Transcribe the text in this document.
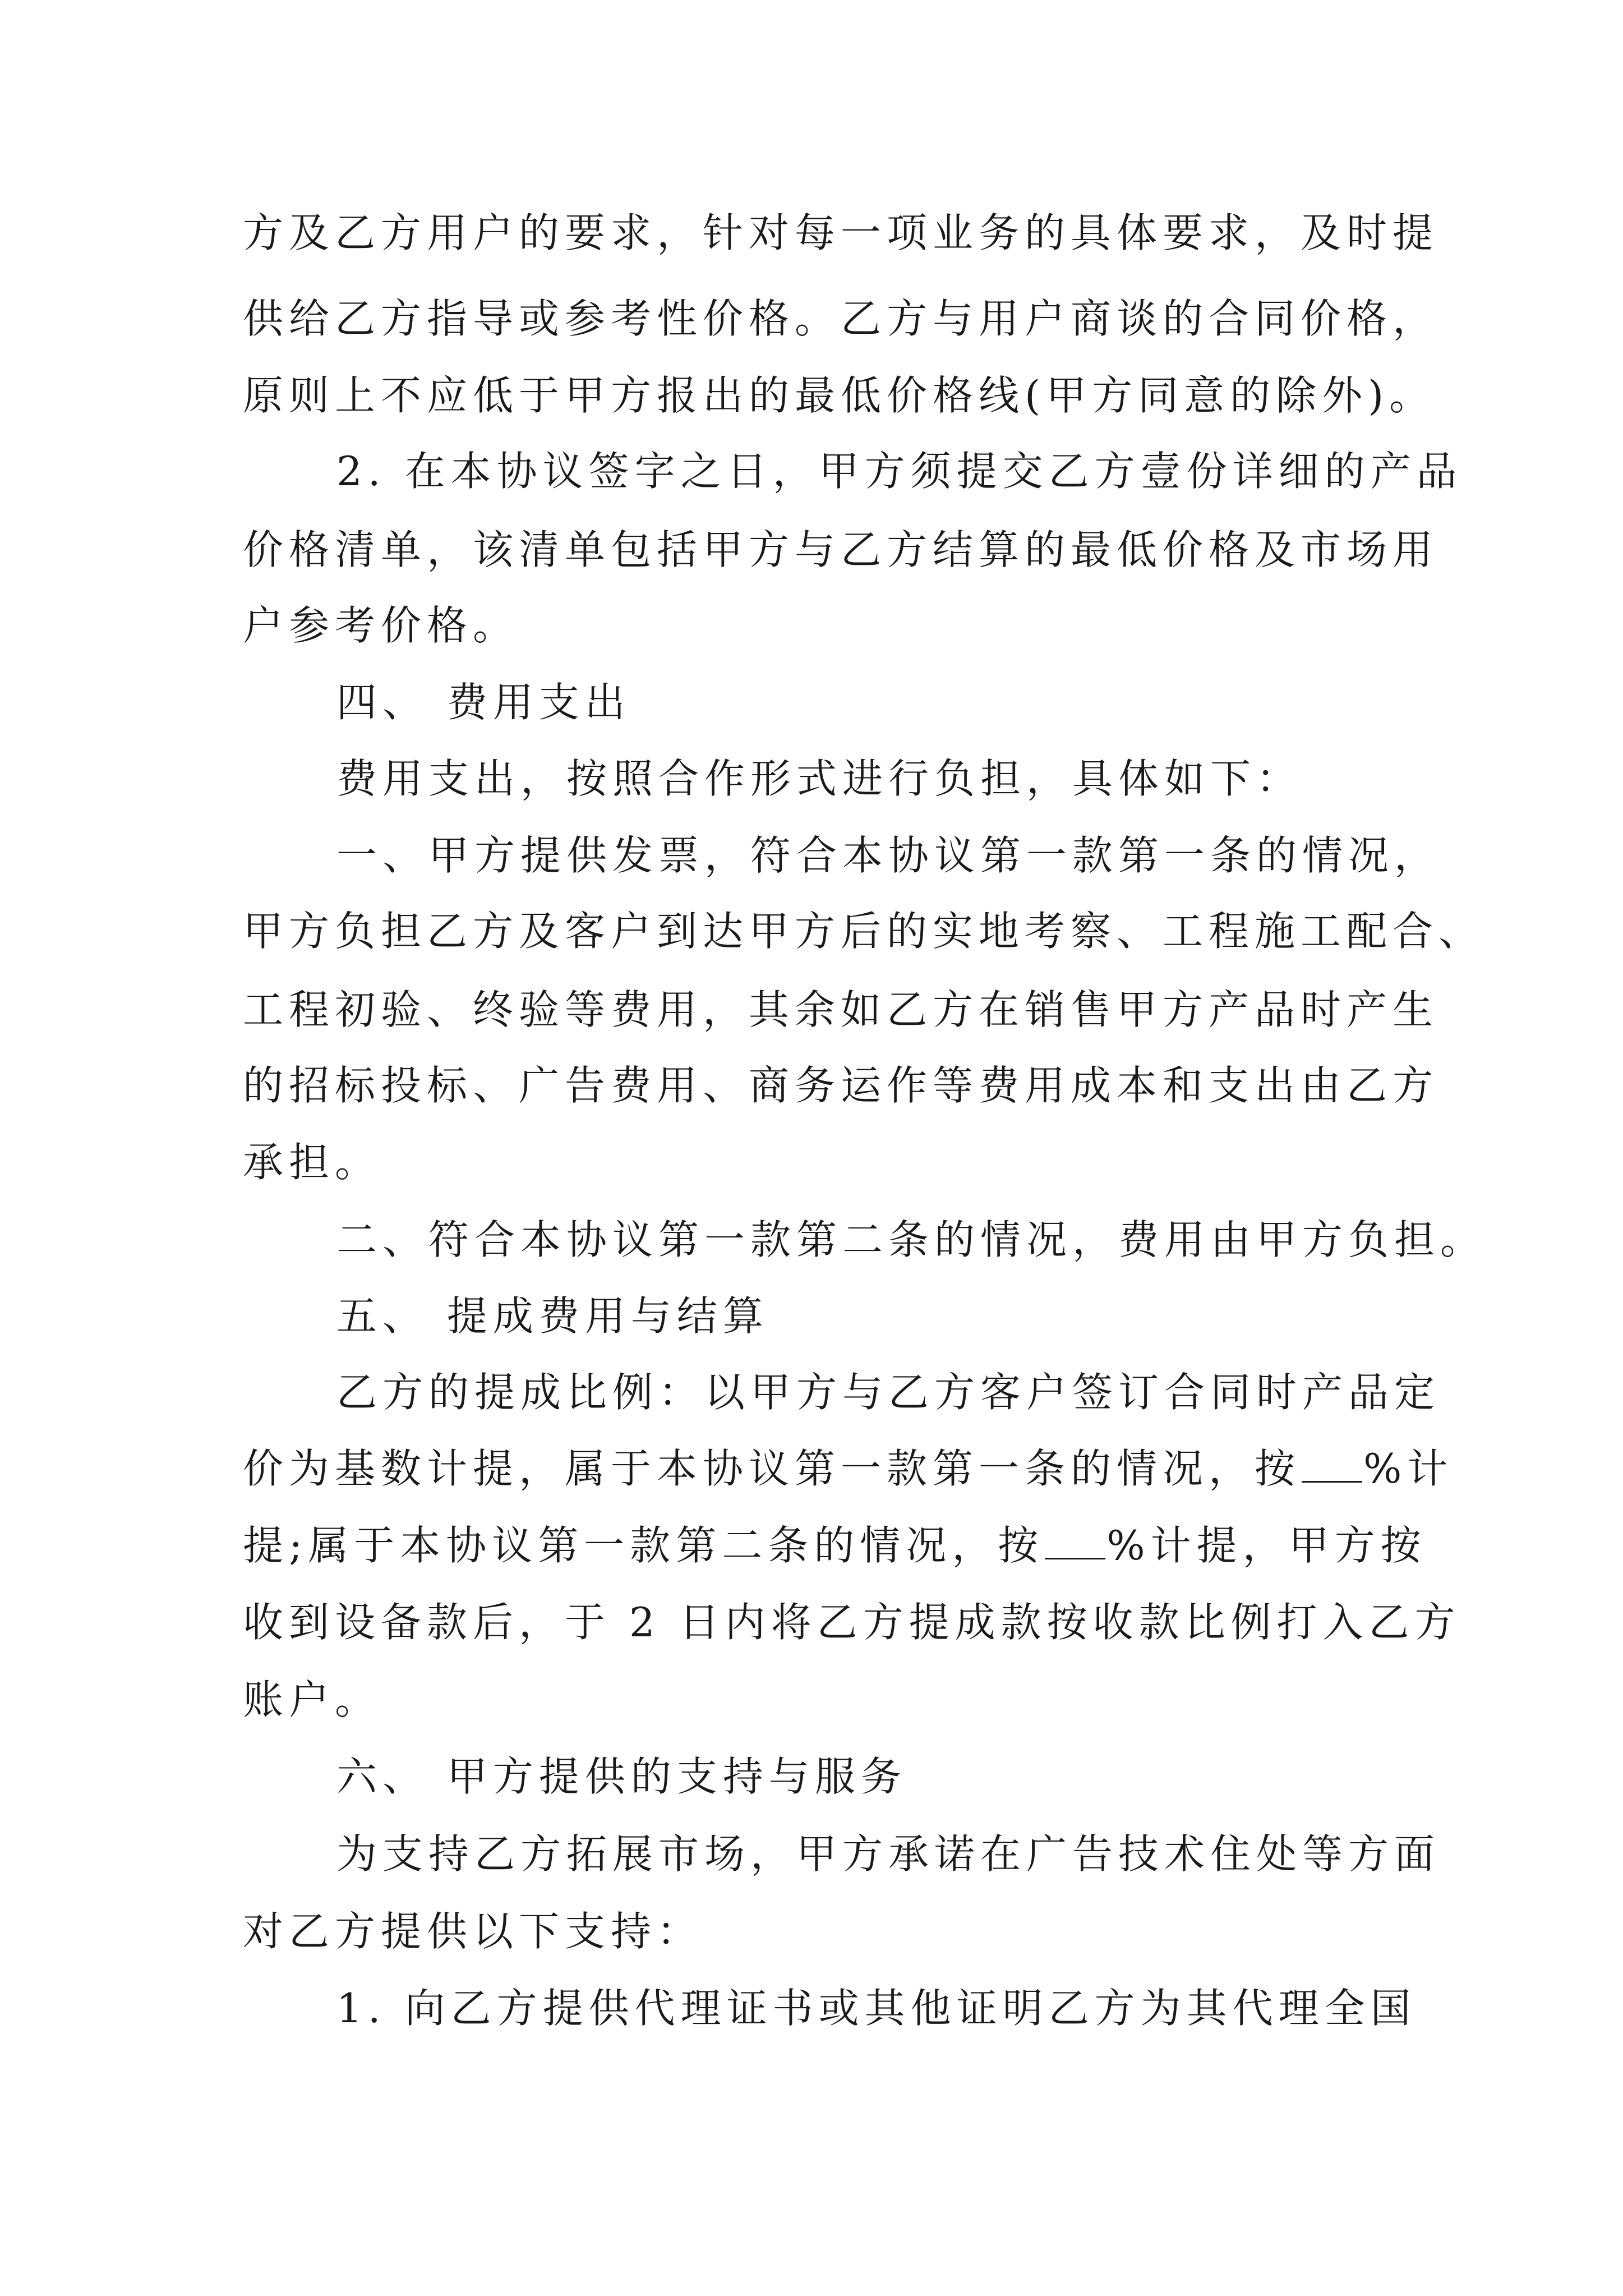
方及乙方用户的要求，针对每一项业务的具体要求，及时提
供给乙方指导或参考性价格。乙方与用户商谈的合同价格，
原则上不应低于甲方报出的最低价格线(甲方同意的除外)。
2. 在本协议签字之日，甲方须提交乙方壹份详细的产品
价格清单，该清单包括甲方与乙方结算的最低价格及市场用
户参考价格。
四、 费用支出
费用支出，按照合作形式进行负担，具体如下：
一、甲方提供发票，符合本协议第一款第一条的情况，
甲方负担乙方及客户到达甲方后的实地考察、工程施工配合、
工程初验、终验等费用，其余如乙方在销售甲方产品时产生
的招标投标、广告费用、商务运作等费用成本和支出由乙方
承担。
二、符合本协议第一款第二条的情况，费用由甲方负担。
五、 提成费用与结算
乙方的提成比例：以甲方与乙方客户签订合同时产品定
价为基数计提，属于本协议第一款第一条的情况，按 %计
提;属于本协议第一款第二条的情况，按 %计提，甲方按
收到设备款后，于 2 日内将乙方提成款按收款比例打入乙方
账户。
六、 甲方提供的支持与服务
为支持乙方拓展市场，甲方承诺在广告技术住处等方面
对乙方提供以下支持：
1. 向乙方提供代理证书或其他证明乙方为其代理全国
